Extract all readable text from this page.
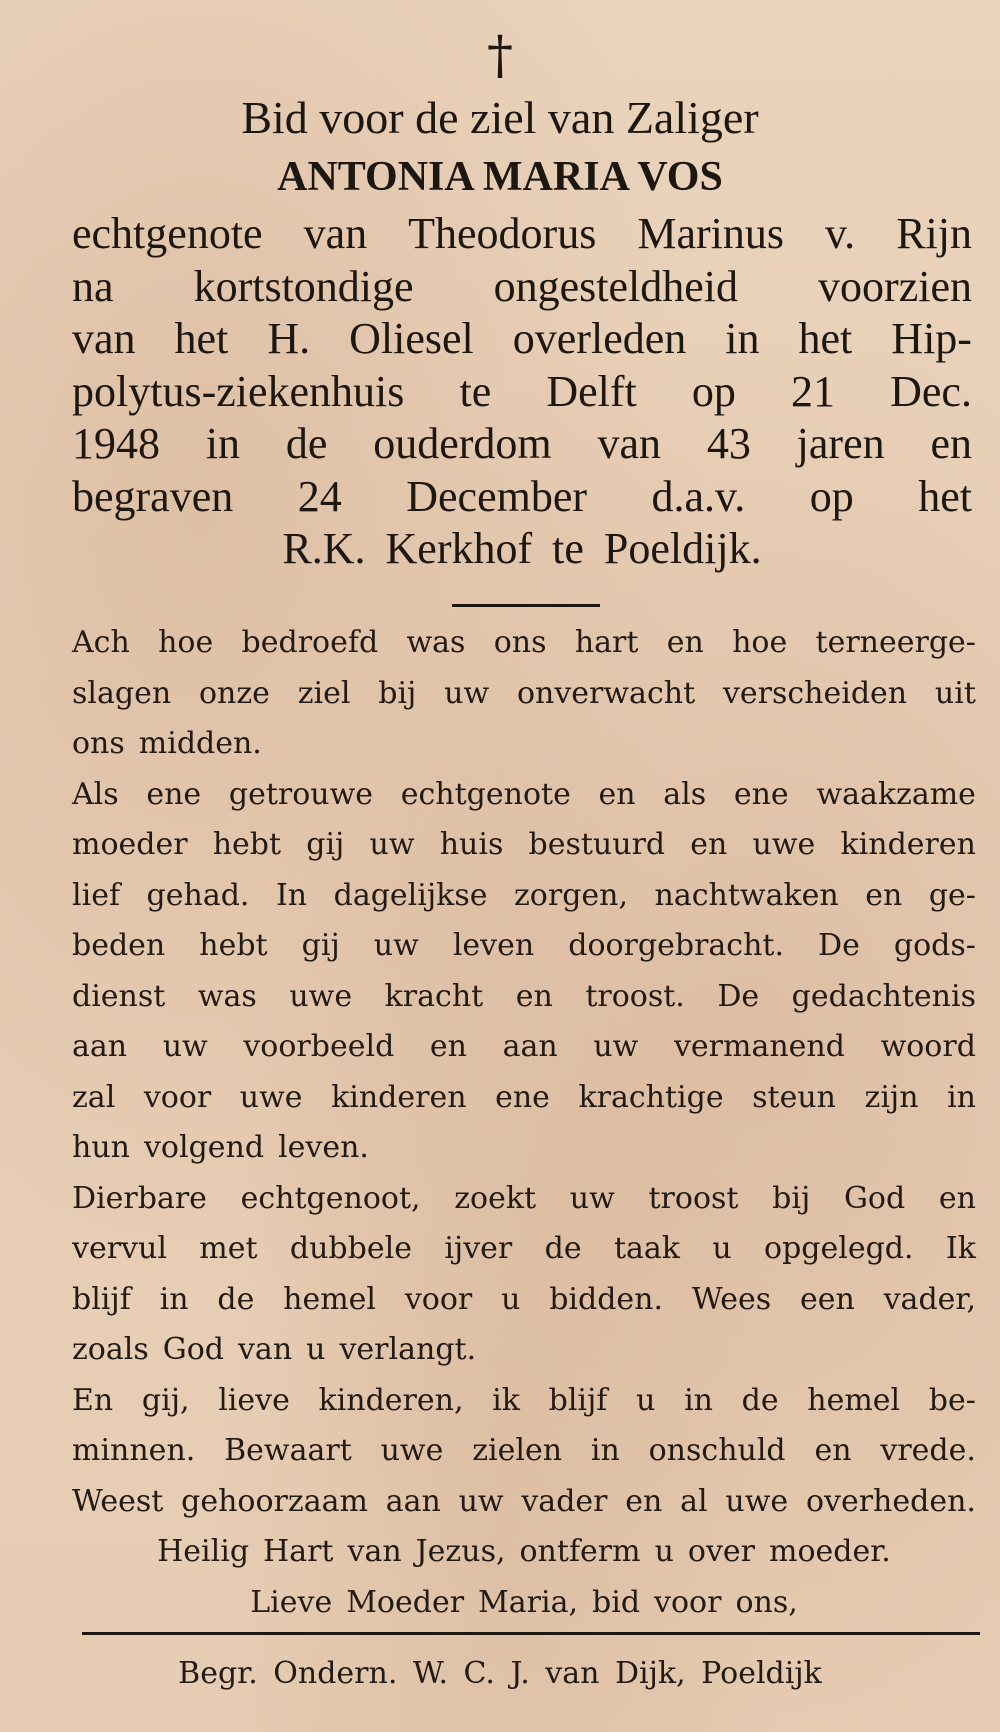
†
Bid voor de ziel van Zaliger
ANTONIA MARIA VOS
echtgenote van Theodorus Marinus v. Rijn
na kortstondige ongesteldheid voorzien
van het H. Oliesel overleden in het Hip-
polytus-ziekenhuis te Delft op 21 Dec.
1948 in de ouderdom van 43 jaren en
begraven 24 December d.a.v. op het
R.K. Kerkhof te Poeldijk.
Ach hoe bedroefd was ons hart en hoe terneerge-
slagen onze ziel bij uw onverwacht verscheiden uit
ons midden.
Als ene getrouwe echtgenote en als ene waakzame
moeder hebt gij uw huis bestuurd en uwe kinderen
lief gehad. In dagelijkse zorgen, nachtwaken en ge-
beden hebt gij uw leven doorgebracht. De gods-
dienst was uwe kracht en troost. De gedachtenis
aan uw voorbeeld en aan uw vermanend woord
zal voor uwe kinderen ene krachtige steun zijn in
hun volgend leven.
Dierbare echtgenoot, zoekt uw troost bij God en
vervul met dubbele ijver de taak u opgelegd. Ik
blijf in de hemel voor u bidden. Wees een vader,
zoals God van u verlangt.
En gij, lieve kinderen, ik blijf u in de hemel be-
minnen. Bewaart uwe zielen in onschuld en vrede.
Weest gehoorzaam aan uw vader en al uwe overheden.
Heilig Hart van Jezus, ontferm u over moeder.
Lieve Moeder Maria, bid voor ons,
Begr. Ondern. W. C. J. van Dijk, Poeldijk
